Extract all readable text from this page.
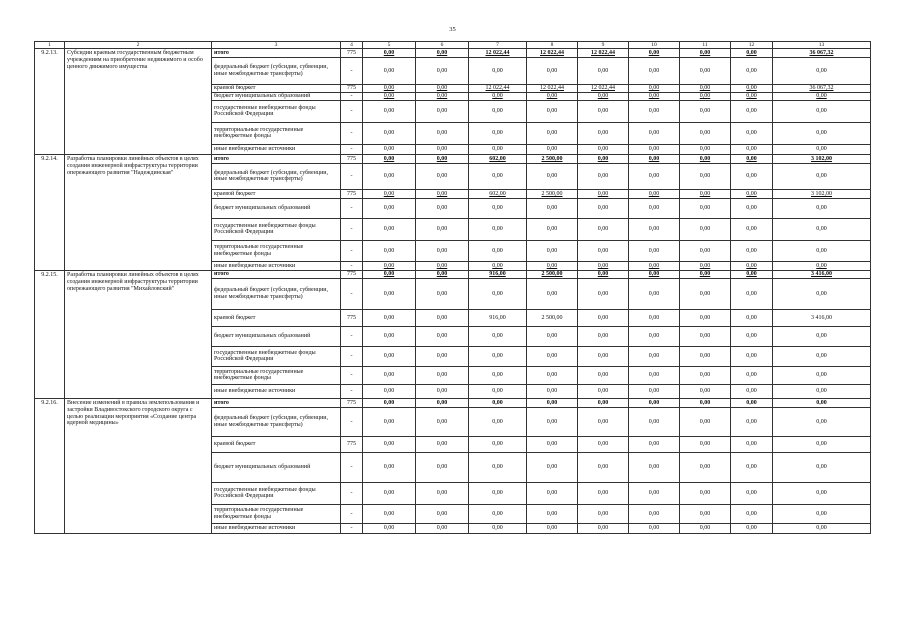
35
1	2	3	4	5	6	7	8	9	10	11	12	13
9.2.13.	Субсидии краевым государственным бюджетным учреждениям на приобретение недвижимого и особо ценного движимого имущества	итого	775	0,00	0,00	12 022,44	12 022,44	12 022,44	0,00	0,00	0,00	36 067,32
		федеральный бюджет (субсидии, субвенции, иные межбюджетные трансферты)	-	0,00	0,00	0,00	0,00	0,00	0,00	0,00	0,00	0,00
		краевой бюджет	775	0,00	0,00	12 022,44	12 022,44	12 022,44	0,00	0,00	0,00	36 067,32
		бюджет муниципальных образований	-	0,00	0,00	0,00	0,00	0,00	0,00	0,00	0,00	0,00
		государственные внебюджетные фонды Российской Федерации	-	0,00	0,00	0,00	0,00	0,00	0,00	0,00	0,00	0,00
		территориальные государственные внебюджетные фонды	-	0,00	0,00	0,00	0,00	0,00	0,00	0,00	0,00	0,00
		иные внебюджетные источники	-	0,00	0,00	0,00	0,00	0,00	0,00	0,00	0,00	0,00
9.2.14.	Разработка планировки линейных объектов в целях создания инженерной инфраструктуры территории опережающего развития "Надеждинская"	итого	775	0,00	0,00	602,00	2 500,00	0,00	0,00	0,00	0,00	3 102,00
		федеральный бюджет (субсидии, субвенции, иные межбюджетные трансферты)	-	0,00	0,00	0,00	0,00	0,00	0,00	0,00	0,00	0,00
		краевой бюджет	775	0,00	0,00	602,00	2 500,00	0,00	0,00	0,00	0,00	3 102,00
		бюджет муниципальных образований	-	0,00	0,00	0,00	0,00	0,00	0,00	0,00	0,00	0,00
		государственные внебюджетные фонды Российской Федерации	-	0,00	0,00	0,00	0,00	0,00	0,00	0,00	0,00	0,00
		территориальные государственные внебюджетные фонды	-	0,00	0,00	0,00	0,00	0,00	0,00	0,00	0,00	0,00
		иные внебюджетные источники	-	0,00	0,00	0,00	0,00	0,00	0,00	0,00	0,00	0,00
9.2.15.	Разработка планировки линейных объектов в целях создания инженерной инфраструктуры территории опережающего развития "Михайловский"	итого	775	0,00	0,00	916,00	2 500,00	0,00	0,00	0,00	0,00	3 416,00
		федеральный бюджет (субсидии, субвенции, иные межбюджетные трансферты)	-	0,00	0,00	0,00	0,00	0,00	0,00	0,00	0,00	0,00
		краевой бюджет	775	0,00	0,00	916,00	2 500,00	0,00	0,00	0,00	0,00	3 416,00
		бюджет муниципальных образований	-	0,00	0,00	0,00	0,00	0,00	0,00	0,00	0,00	0,00
		государственные внебюджетные фонды Российской Федерации	-	0,00	0,00	0,00	0,00	0,00	0,00	0,00	0,00	0,00
		территориальные государственные внебюджетные фонды	-	0,00	0,00	0,00	0,00	0,00	0,00	0,00	0,00	0,00
		иные внебюджетные источники	-	0,00	0,00	0,00	0,00	0,00	0,00	0,00	0,00	0,00
9.2.16.	Внесение изменений в правила землепользования и застройки Владивостокского городского округа с целью реализации мероприятия «Создание центра ядерной медицины»	итого	775	0,00	0,00	0,00	0,00	0,00	0,00	0,00	0,00	0,00
		федеральный бюджет (субсидии, субвенции, иные межбюджетные трансферты)	-	0,00	0,00	0,00	0,00	0,00	0,00	0,00	0,00	0,00
		краевой бюджет	775	0,00	0,00	0,00	0,00	0,00	0,00	0,00	0,00	0,00
		бюджет муниципальных образований	-	0,00	0,00	0,00	0,00	0,00	0,00	0,00	0,00	0,00
		государственные внебюджетные фонды Российской Федерации	-	0,00	0,00	0,00	0,00	0,00	0,00	0,00	0,00	0,00
		территориальные государственные внебюджетные фонды	-	0,00	0,00	0,00	0,00	0,00	0,00	0,00	0,00	0,00
		иные внебюджетные источники	-	0,00	0,00	0,00	0,00	0,00	0,00	0,00	0,00	0,00
